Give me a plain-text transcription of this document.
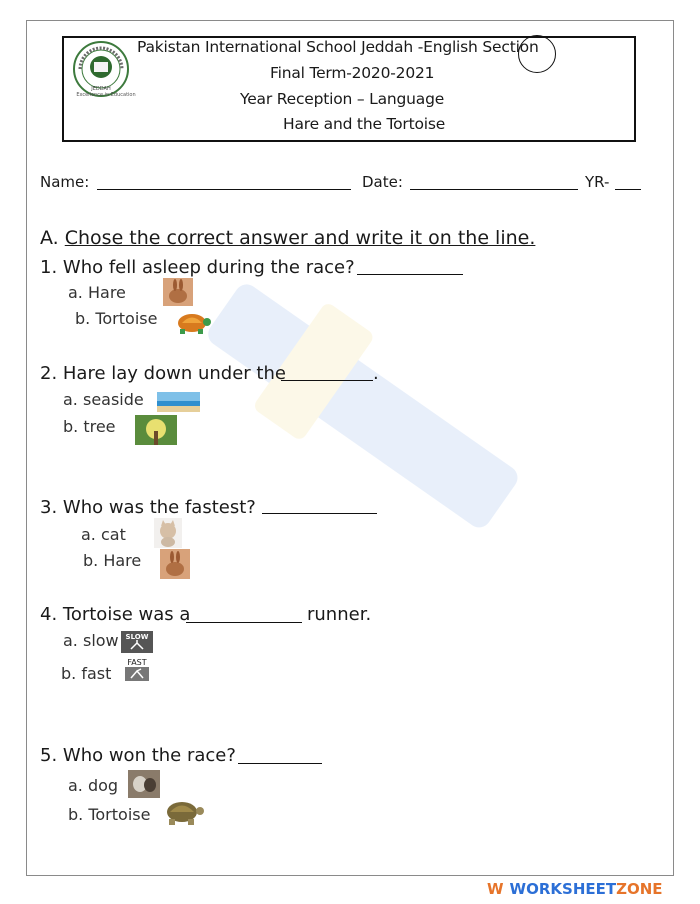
JEDDAH
Excellence in Education
Pakistan International School Jeddah -English Section
Final Term-2020-2021
Year Reception – Language
Hare and the Tortoise
Name:	Date:	YR-
A. Chose the correct answer and write it on the line.
1. Who fell asleep during the race?
a. Hare
b. Tortoise
2. Hare lay down under the	.
a. seaside
b. tree
3. Who was the fastest?
a. cat
b. Hare
4. Tortoise was a	runner.
a. slow SLOW
b. fast
FAST
5. Who won the race?
a. dog
b. Tortoise
W WORKSHEETZONE
